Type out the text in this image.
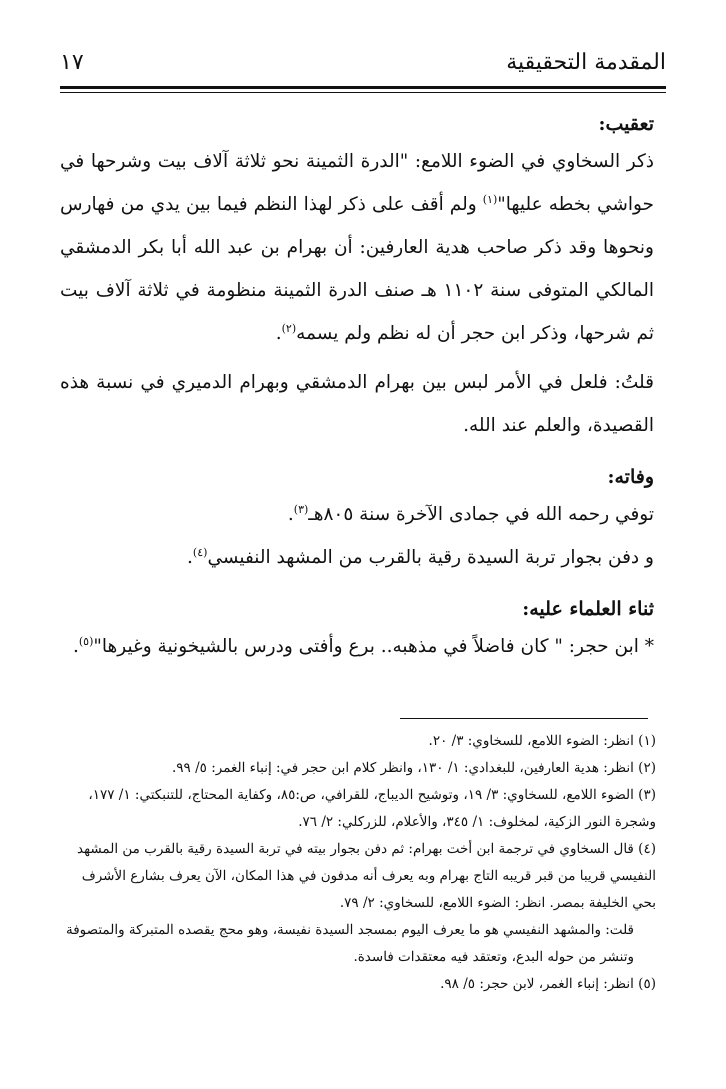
المقدمة التحقيقية
١٧

تعقيب:

ذكر السخاوي في الضوء اللامع: "الدرة الثمينة نحو ثلاثة آلاف بيت وشرحها في حواشي بخطه عليها"$^{(١)}$ ولم أقف على ذكر لهذا النظم فيما بين يدي من فهارس ونحوها وقد ذكر صاحب هدية العارفين: أن بهرام بن عبد الله أبا بكر الدمشقي المالكي المتوفى سنة ١١٠٢ هـ صنف الدرة الثمينة منظومة في ثلاثة آلاف بيت ثم شرحها، وذكر ابن حجر أن له نظم ولم يسمه$^{(٢)}$.

قلتُ: فلعل في الأمر لبس بين بهرام الدمشقي وبهرام الدميري في نسبة هذه القصيدة، والعلم عند الله.

وفاته:

توفي رحمه الله في جمادى الآخرة سنة ٨٠٥هـ$^{(٣)}$.

و دفن بجوار تربة السيدة رقية بالقرب من المشهد النفيسي$^{(٤)}$.

ثناء العلماء عليه:

* ابن حجر: " كان فاضلاً في مذهبه.. برع وأفتى ودرس بالشيخونية وغيرها"$^{(٥)}$.

(١) انظر: الضوء اللامع، للسخاوي: ٣/ ٢٠.

(٢) انظر: هدية العارفين، للبغدادي: ١/ ١٣٠، وانظر كلام ابن حجر في: إنباء الغمر: ٥/ ٩٩.

(٣) الضوء اللامع، للسخاوي: ٣/ ١٩، وتوشيح الديباج، للقرافي، ص:٨٥، وكفاية المحتاج، للتنبكتي: ١/ ١٧٧، وشجرة النور الزكية، لمخلوف: ١/ ٣٤٥، والأعلام، للزركلي: ٢/ ٧٦.

(٤) قال السخاوي في ترجمة ابن أخت بهرام: ثم دفن بجوار بيته في تربة السيدة رقية بالقرب من المشهد النفيسي قريبا من قبر قريبه التاج بهرام وبه يعرف أنه مدفون في هذا المكان، الآن يعرف بشارع الأشرف بحي الخليفة بمصر. انظر: الضوء اللامع، للسخاوي: ٢/ ٧٩.

قلت: والمشهد النفيسي هو ما يعرف اليوم بمسجد السيدة نفيسة، وهو محج يقصده المتبركة والمتصوفة وتنشر من حوله البدع، وتعتقد فيه معتقدات فاسدة.

(٥) انظر: إنباء الغمر، لابن حجر: ٥/ ٩٨.
